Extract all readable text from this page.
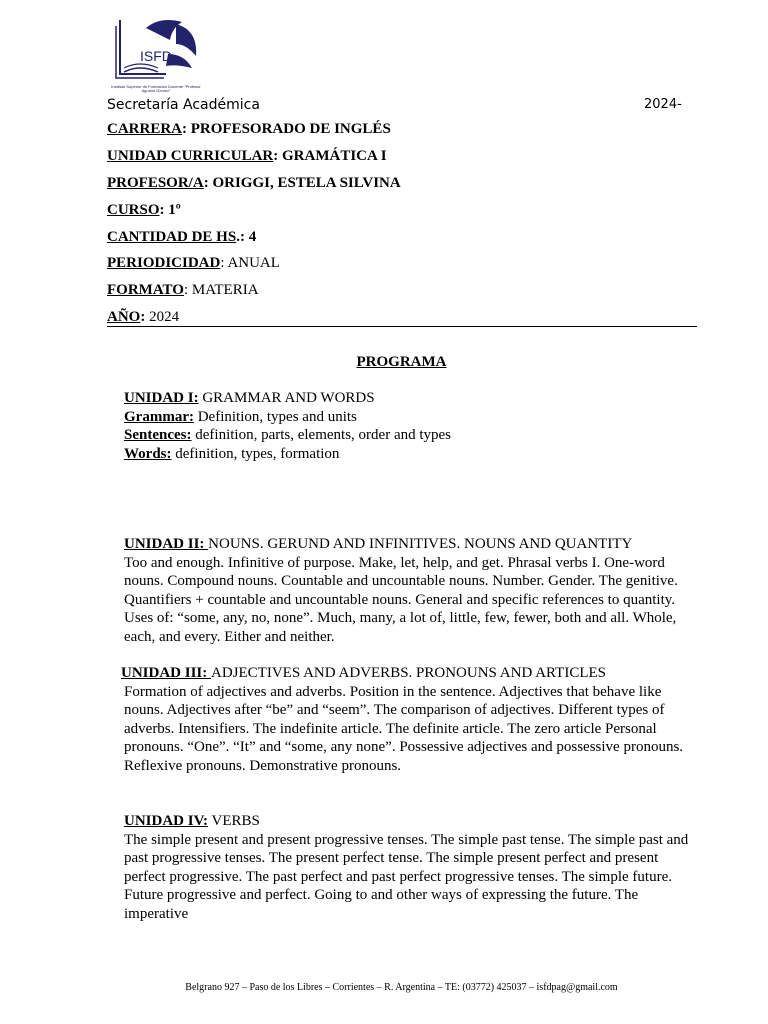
ISFD
Instituto Superior de Formación Docente "Profesor Agustín Gómez"
Secretaría Académica	2024-
CARRERA: PROFESORADO DE INGLÉS
UNIDAD CURRICULAR: GRAMÁTICA I
PROFESOR/A: ORIGGI, ESTELA SILVINA
CURSO: 1º
CANTIDAD DE HS.: 4
PERIODICIDAD: ANUAL
FORMATO: MATERIA
AÑO: 2024
PROGRAMA
UNIDAD I: GRAMMAR AND WORDS
Grammar: Definition, types and units
Sentences: definition, parts, elements, order and types
Words: definition, types, formation
UNIDAD II: NOUNS. GERUND AND INFINITIVES. NOUNS AND QUANTITY
Too and enough. Infinitive of purpose. Make, let, help, and get. Phrasal verbs I. One-word nouns. Compound nouns. Countable and uncountable nouns. Number. Gender. The genitive. Quantifiers + countable and uncountable nouns. General and specific references to quantity. Uses of: “some, any, no, none”. Much, many, a lot of, little, few, fewer, both and all. Whole, each, and every. Either and neither.
UNIDAD III: ADJECTIVES AND ADVERBS. PRONOUNS AND ARTICLES
Formation of adjectives and adverbs. Position in the sentence. Adjectives that behave like nouns. Adjectives after “be” and “seem”. The comparison of adjectives. Different types of adverbs. Intensifiers. The indefinite article. The definite article. The zero article Personal pronouns. “One”. “It” and “some, any none”. Possessive adjectives and possessive pronouns. Reflexive pronouns. Demonstrative pronouns.
UNIDAD IV: VERBS
The simple present and present progressive tenses. The simple past tense. The simple past and past progressive tenses. The present perfect tense. The simple present perfect and present perfect progressive. The past perfect and past perfect progressive tenses. The simple future. Future progressive and perfect. Going to and other ways of expressing the future. The imperative
Belgrano 927 – Paso de los Libres – Corrientes – R. Argentina – TE: (03772) 425037 – isfdpag@gmail.com
